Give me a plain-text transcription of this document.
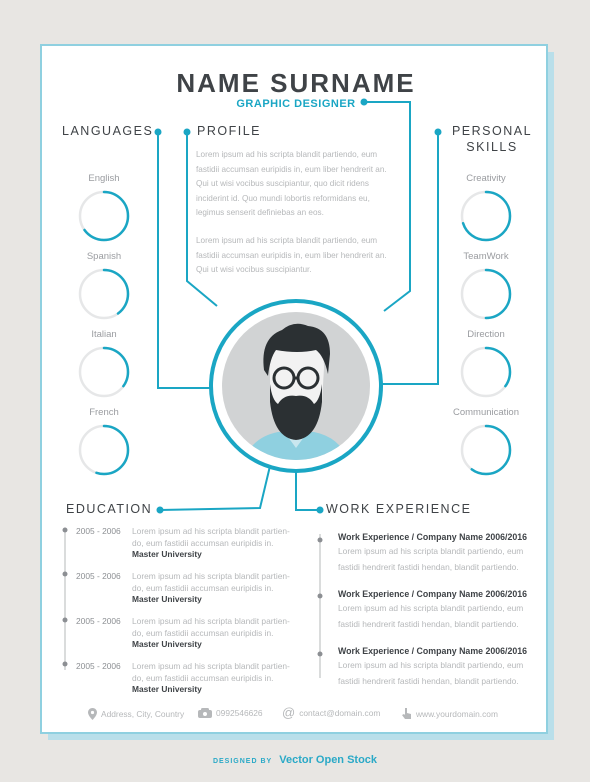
NAME SURNAME
GRAPHIC DESIGNER
LANGUAGES
English
Spanish
Italian
French
PROFILE
Lorem ipsum ad his scripta blandit partiendo, eum
fastidii accumsan euripidis in, eum liber hendrerit an.
Qui ut wisi vocibus suscipiantur, quo dicit ridens
inciderint id. Quo mundi lobortis reformidans eu,
legimus senserit definiebas an eos.
Lorem ipsum ad his scripta blandit partiendo, eum
fastidii accumsan euripidis in, eum liber hendrerit an.
Qui ut wisi vocibus suscipiantur.
PERSONAL
SKILLS
Creativity
TeamWork
Direction
Communication
EDUCATION
2005 - 2006 Lorem ipsum ad his scripta blandit partien-
do, eum fastidii accumsan euripidis in.
Master University
2005 - 2006 Lorem ipsum ad his scripta blandit partien-
do, eum fastidii accumsan euripidis in.
Master University
2005 - 2006 Lorem ipsum ad his scripta blandit partien-
do, eum fastidii accumsan euripidis in.
Master University
2005 - 2006 Lorem ipsum ad his scripta blandit partien-
do, eum fastidii accumsan euripidis in.
Master University
WORK EXPERIENCE
Work Experience / Company Name 2006/2016
Lorem ipsum ad his scripta blandit partiendo, eum
fastidi hendrerit fastidi hendan, blandit partiendo.
Work Experience / Company Name 2006/2016
Lorem ipsum ad his scripta blandit partiendo, eum
fastidi hendrerit fastidi hendan, blandit partiendo.
Work Experience / Company Name 2006/2016
Lorem ipsum ad his scripta blandit partiendo, eum
fastidi hendrerit fastidi hendan, blandit partiendo.
Address, City, Country	0992546626 @ contact@domain.com	www.yourdomain.com
DESIGNED BY Vector Open Stock
